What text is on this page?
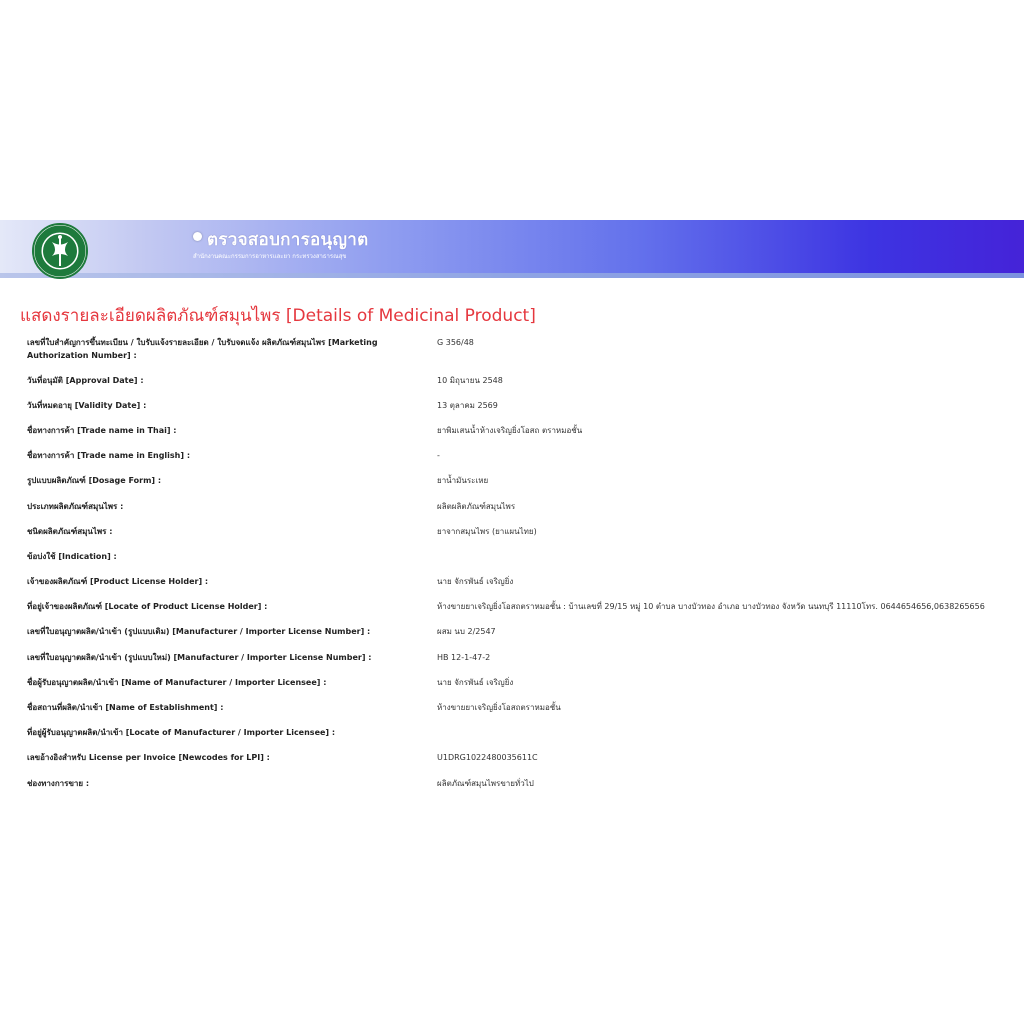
ตรวจสอบการอนุญาต
สำนักงานคณะกรรมการอาหารและยา กระทรวงสาธารณสุข
แสดงรายละเอียดผลิตภัณฑ์สมุนไพร [Details of Medicinal Product]
เลขที่ใบสำคัญการขึ้นทะเบียน / ใบรับแจ้งรายละเอียด / ใบรับจดแจ้ง ผลิตภัณฑ์สมุนไพร [Marketing Authorization Number] :
G 356/48
วันที่อนุมัติ [Approval Date] :	10 มิถุนายน 2548
วันที่หมดอายุ [Validity Date] :	13 ตุลาคม 2569
ชื่อทางการค้า [Trade name in Thai] :	ยาพิมเสนน้ำห้างเจริญยิ่งโอสถ ตราหมอชั้น
ชื่อทางการค้า [Trade name in English] :	-
รูปแบบผลิตภัณฑ์ [Dosage Form] :	ยาน้ำมันระเหย
ประเภทผลิตภัณฑ์สมุนไพร :	ผลิตผลิตภัณฑ์สมุนไพร
ชนิดผลิตภัณฑ์สมุนไพร :	ยาจากสมุนไพร (ยาแผนไทย)
ข้อบ่งใช้ [Indication] :
เจ้าของผลิตภัณฑ์ [Product License Holder] :	นาย จักรพันธ์ เจริญยิ่ง
ที่อยู่เจ้าของผลิตภัณฑ์ [Locate of Product License Holder] :	ห้างขายยาเจริญยิ่งโอสถตราหมอชั้น : บ้านเลขที่ 29/15 หมู่ 10 ตำบล บางบัวทอง อำเภอ บางบัวทอง จังหวัด นนทบุรี 11110โทร. 0644654656,0638265656
เลขที่ใบอนุญาตผลิต/นำเข้า (รูปแบบเดิม) [Manufacturer / Importer License Number] :	ผสม นบ 2/2547
เลขที่ใบอนุญาตผลิต/นำเข้า (รูปแบบใหม่) [Manufacturer / Importer License Number] :	HB 12-1-47-2
ชื่อผู้รับอนุญาตผลิต/นำเข้า [Name of Manufacturer / Importer Licensee] :	นาย จักรพันธ์ เจริญยิ่ง
ชื่อสถานที่ผลิต/นำเข้า [Name of Establishment] :	ห้างขายยาเจริญยิ่งโอสถตราหมอชั้น
ที่อยู่ผู้รับอนุญาตผลิต/นำเข้า [Locate of Manufacturer / Importer Licensee] :
เลขอ้างอิงสำหรับ License per Invoice [Newcodes for LPI] :	U1DRG1022480035611C
ช่องทางการขาย :	ผลิตภัณฑ์สมุนไพรขายทั่วไป
